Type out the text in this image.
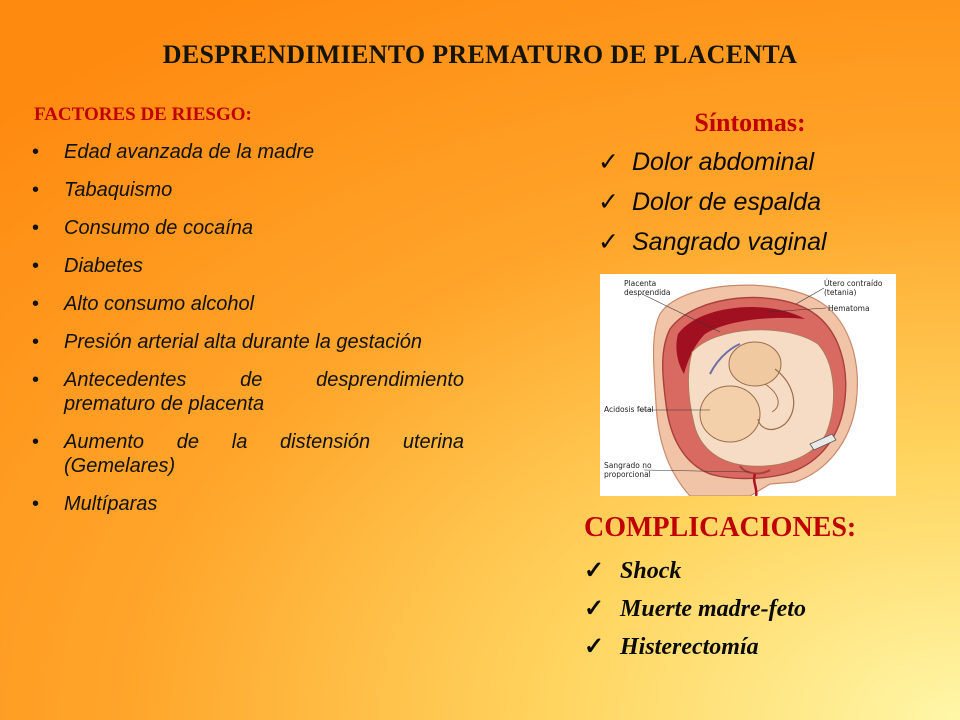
DESPRENDIMIENTO PREMATURO DE PLACENTA
FACTORES DE RIESGO:
• Edad avanzada de la madre
• Tabaquismo
• Consumo de cocaína
• Diabetes
• Alto consumo alcohol
• Presión arterial alta durante la gestación
• Antecedentes de desprendimiento prematuro de placenta
• Aumento de la distensión uterina (Gemelares)
• Multíparas
Síntomas:
✓ Dolor abdominal
✓ Dolor de espalda
✓ Sangrado vaginal
Placenta
desprendida
Útero contraído
(tetania)
Hematoma
Acidosis fetal
Sangrado no
proporcional
COMPLICACIONES:
✓ Shock
✓ Muerte madre-feto
✓ Histerectomía
